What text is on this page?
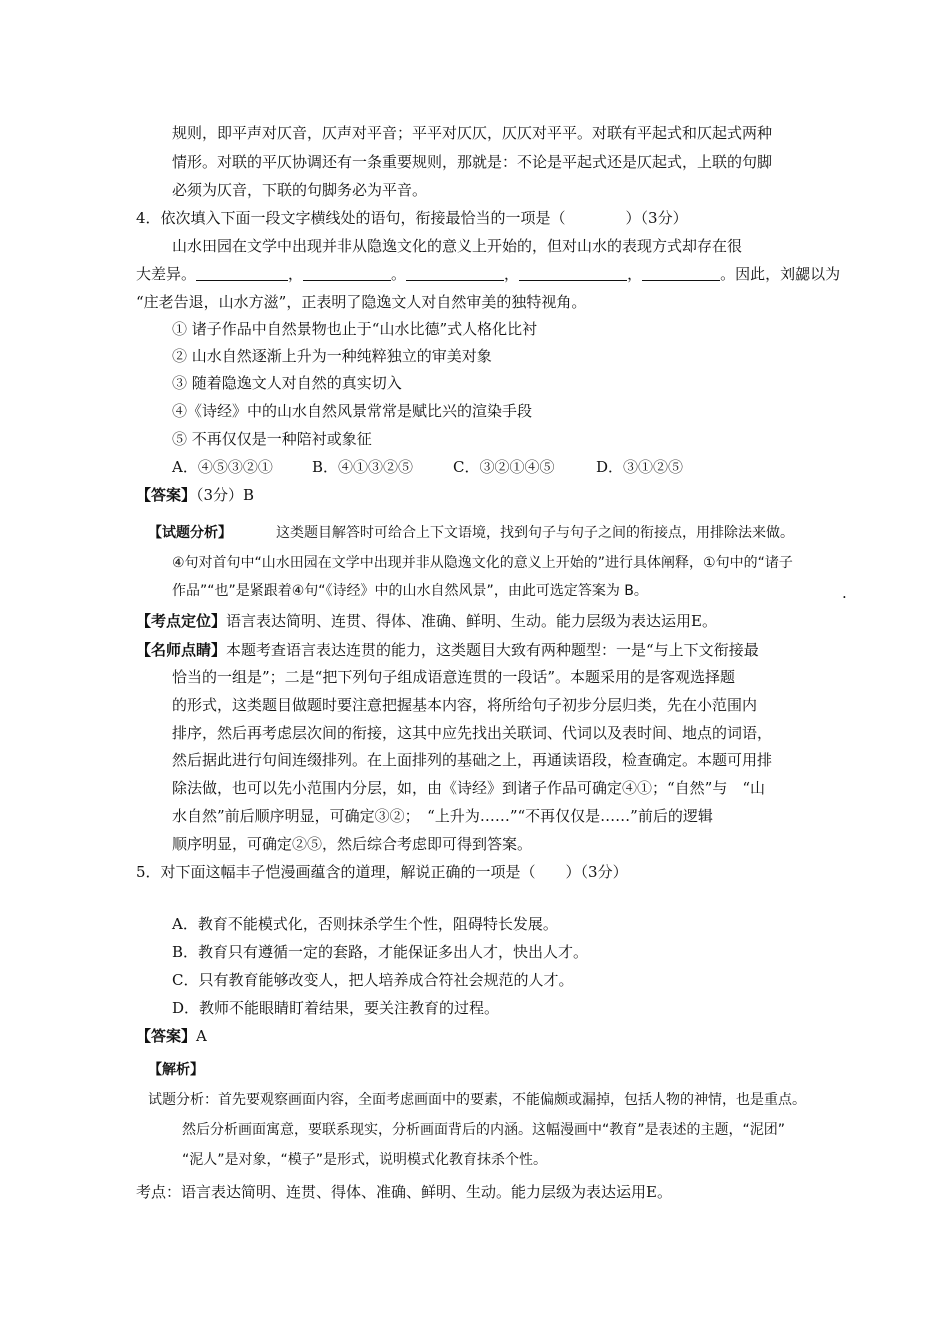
规则，即平声对仄音，仄声对平音；平平对仄仄，仄仄对平平。对联有平起式和仄起式两种
情形。对联的平仄协调还有一条重要规则，那就是：不论是平起式还是仄起式，上联的句脚
必须为仄音，下联的句脚务必为平音。
4．依次填入下面一段文字横线处的语句，衔接最恰当的一项是（　　　　）（3分）
山水田园在文学中出现并非从隐逸文化的意义上开始的，但对山水的表现方式却存在很
大差异。	，	。	，	，	。因此，刘勰以为
“庄老告退，山水方滋”，正表明了隐逸文人对自然审美的独特视角。
① 诸子作品中自然景物也止于“山水比德”式人格化比衬
② 山水自然逐渐上升为一种纯粹独立的审美对象
③ 随着隐逸文人对自然的真实切入
④《诗经》中的山水自然风景常常是赋比兴的渲染手段
⑤ 不再仅仅是一种陪衬或象征
A．④⑤③②①	B．④①③②⑤	C．③②①④⑤	D．③①②⑤
【答案】（3分）B
【试题分析】	这类题目解答时可给合上下文语境，找到句子与句子之间的衔接点，用排除法来做。
④句对首句中“山水田园在文学中出现并非从隐逸文化的意义上开始的”进行具体阐释，①句中的“诸子
作品”“也”是紧跟着④句“《诗经》中的山水自然风景”，由此可选定答案为 B。	.
【考点定位】语言表达简明、连贯、得体、准确、鲜明、生动。能力层级为表达运用E。
【名师点睛】本题考查语言表达连贯的能力，这类题目大致有两种题型：一是“与上下文衔接最
恰当的一组是”；二是“把下列句子组成语意连贯的一段话”。本题采用的是客观选择题
的形式，这类题目做题时要注意把握基本内容，将所给句子初步分层归类，先在小范围内
排序，然后再考虑层次间的衔接，这其中应先找出关联词、代词以及表时间、地点的词语，
然后据此进行句间连缀排列。在上面排列的基础之上，再通读语段，检查确定。本题可用排
除法做，也可以先小范围内分层，如，由《诗经》到诸子作品可确定④①；“自然”与　“山
水自然”前后顺序明显，可确定③②；　“上升为……”“不再仅仅是……”前后的逻辑
顺序明显，可确定②⑤，然后综合考虑即可得到答案。
5．对下面这幅丰子恺漫画蕴含的道理，解说正确的一项是（　　）（3分）
A．教育不能模式化，否则抹杀学生个性，阻碍特长发展。
B．教育只有遵循一定的套路，才能保证多出人才，快出人才。
C．只有教育能够改变人，把人培养成合符社会规范的人才。
D．教师不能眼睛盯着结果，要关注教育的过程。
【答案】A
【解析】
试题分析：首先要观察画面内容，全面考虑画面中的要素，不能偏颇或漏掉，包括人物的神情，也是重点。
然后分析画面寓意，要联系现实，分析画面背后的内涵。这幅漫画中“教育”是表述的主题，“泥团”
“泥人”是对象，“模子”是形式，说明模式化教育抹杀个性。
考点：语言表达简明、连贯、得体、准确、鲜明、生动。能力层级为表达运用E。
